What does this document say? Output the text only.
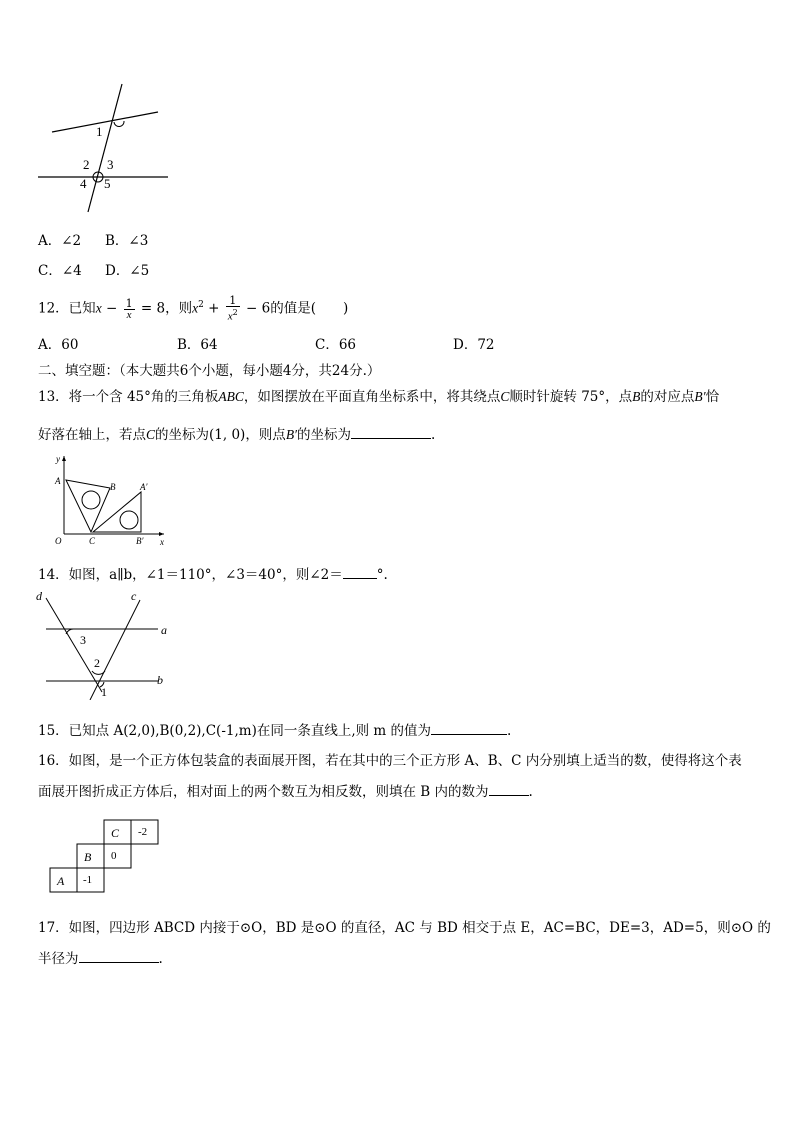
1
2 3
4 5
A．∠2 B．∠3
C．∠4 D．∠5
12．已知$x - \frac{1}{x} = 8$，则$x^2 + \frac{1}{x^2} - 6$的值是(　　)
A．60	B．64	C．66	D．72
二、填空题：（本大题共6个小题，每小题4分，共24分.）
13．将一个含 45°角的三角板ABC，如图摆放在平面直角坐标系中，将其绕点C顺时针旋转 75°，点B的对应点B′恰
好落在轴上，若点C的坐标为(1, 0)，则点B′的坐标为	.
y
x
A
B	A′
O	C	B′
14．如图，a∥b，∠1＝110°，∠3＝40°，则∠2＝	°.
d	c
a
b
3
2
1
15．已知点 A(2,0),B(0,2),C(-1,m)在同一条直线上,则 m 的值为	.
16．如图，是一个正方体包装盒的表面展开图，若在其中的三个正方形 A、B、C 内分别填上适当的数，使得将这个表
面展开图折成正方体后，相对面上的两个数互为相反数，则填在 B 内的数为	.
C -2
B 0
A -1
17．如图，四边形 ABCD 内接于⊙O，BD 是⊙O 的直径，AC 与 BD 相交于点 E，AC=BC，DE=3，AD=5，则⊙O 的
半径为	.
